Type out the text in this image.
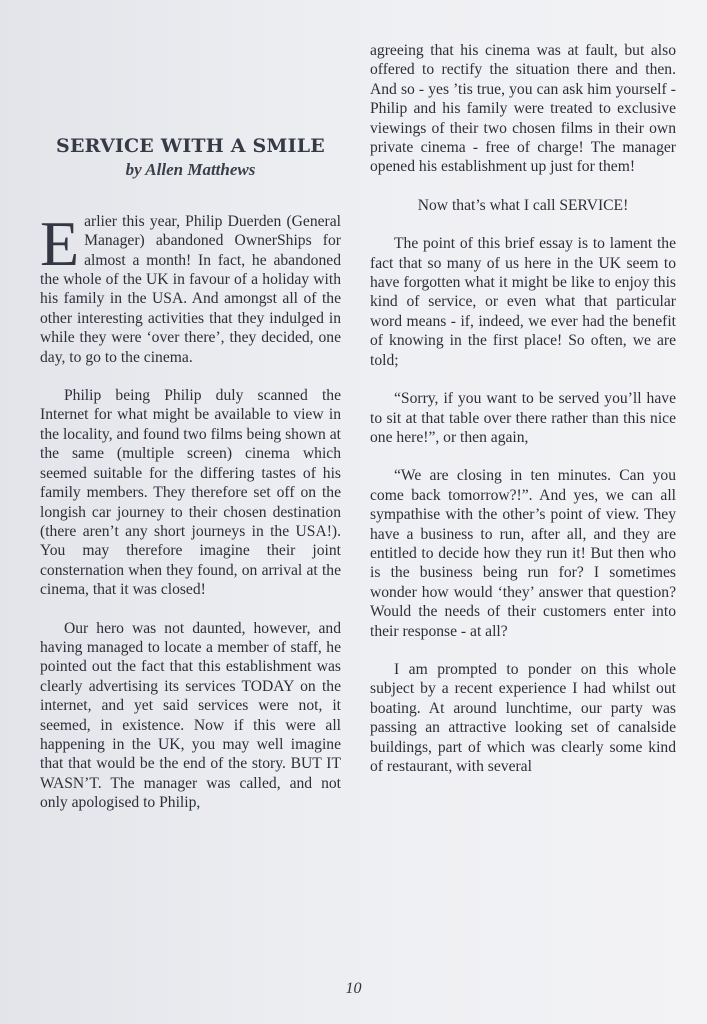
SERVICE WITH A SMILE
by Allen Matthews

Earlier this year, Philip Duerden (General Manager) abandoned OwnerShips for almost a month! In fact, he abandoned the whole of the UK in favour of a holiday with his family in the USA. And amongst all of the other interesting activities that they indulged in while they were ‘over there’, they decided, one day, to go to the cinema.

Philip being Philip duly scanned the Internet for what might be available to view in the locality, and found two films being shown at the same (multiple screen) cinema which seemed suitable for the differing tastes of his family members. They therefore set off on the longish car journey to their chosen destination (there aren’t any short journeys in the USA!). You may therefore imagine their joint consternation when they found, on arrival at the cinema, that it was closed!

Our hero was not daunted, however, and having managed to locate a member of staff, he pointed out the fact that this establishment was clearly advertising its services TODAY on the internet, and yet said services were not, it seemed, in existence. Now if this were all happening in the UK, you may well imagine that that would be the end of the story. BUT IT WASN’T. The manager was called, and not only apologised to Philip,

agreeing that his cinema was at fault, but also offered to rectify the situation there and then. And so - yes ’tis true, you can ask him yourself - Philip and his family were treated to exclusive viewings of their two chosen films in their own private cinema - free of charge! The manager opened his establishment up just for them!

Now that’s what I call SERVICE!

The point of this brief essay is to lament the fact that so many of us here in the UK seem to have forgotten what it might be like to enjoy this kind of service, or even what that particular word means - if, indeed, we ever had the benefit of knowing in the first place! So often, we are told;

“Sorry, if you want to be served you’ll have to sit at that table over there rather than this nice one here!”, or then again,

“We are closing in ten minutes. Can you come back tomorrow?!”. And yes, we can all sympathise with the other’s point of view. They have a business to run, after all, and they are entitled to decide how they run it! But then who is the business being run for? I sometimes wonder how would ‘they’ answer that question? Would the needs of their customers enter into their response - at all?

I am prompted to ponder on this whole subject by a recent experience I had whilst out boating. At around lunchtime, our party was passing an attractive looking set of canalside buildings, part of which was clearly some kind of restaurant, with several

10
